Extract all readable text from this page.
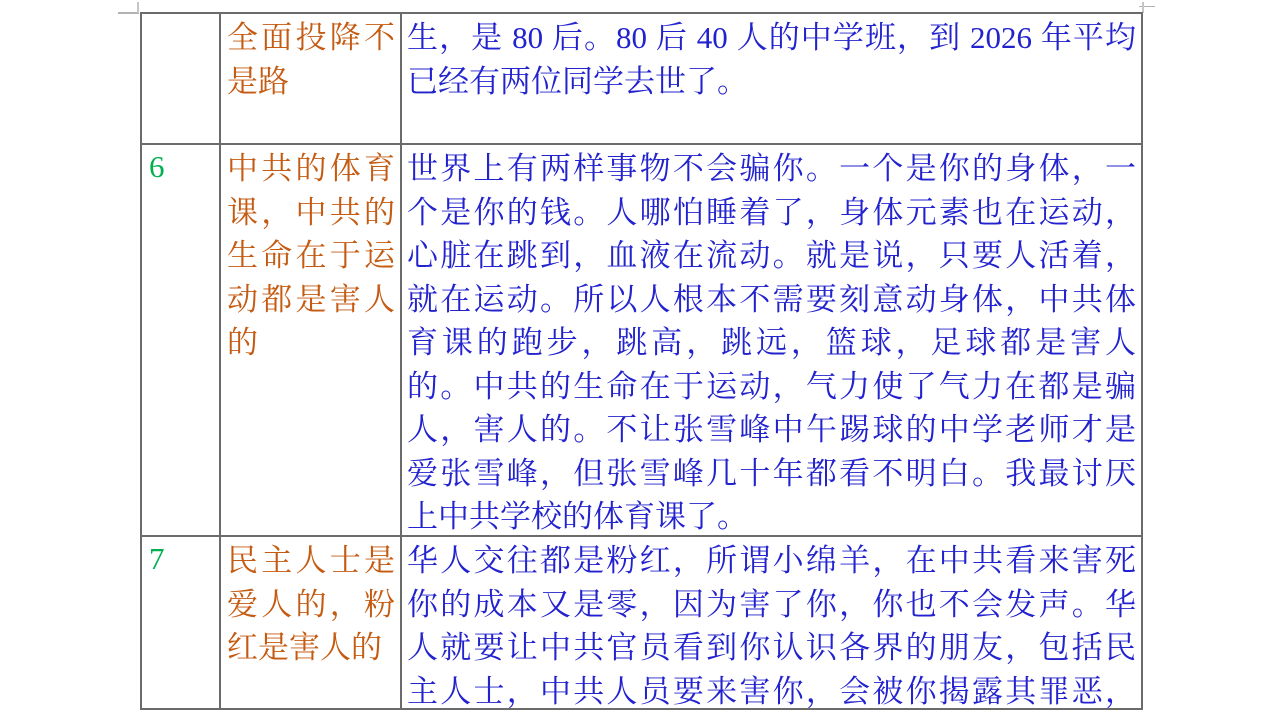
全面投降不
是路
生，是 80 后。80 后 40 人的中学班，到 2026 年平均
已经有两位同学去世了。
6	中共的体育
课，中共的
生命在于运
动都是害人
的
世界上有两样事物不会骗你。一个是你的身体，一
个是你的钱。人哪怕睡着了，身体元素也在运动，
心脏在跳到，血液在流动。就是说，只要人活着，
就在运动。所以人根本不需要刻意动身体，中共体
育课的跑步，跳高，跳远，篮球，足球都是害人
的。中共的生命在于运动，气力使了气力在都是骗
人，害人的。不让张雪峰中午踢球的中学老师才是
爱张雪峰，但张雪峰几十年都看不明白。我最讨厌
上中共学校的体育课了。
7	民主人士是
爱人的，粉
红是害人的
华人交往都是粉红，所谓小绵羊，在中共看来害死
你的成本又是零，因为害了你，你也不会发声。华
人就要让中共官员看到你认识各界的朋友，包括民
主人士，中共人员要来害你，会被你揭露其罪恶，
